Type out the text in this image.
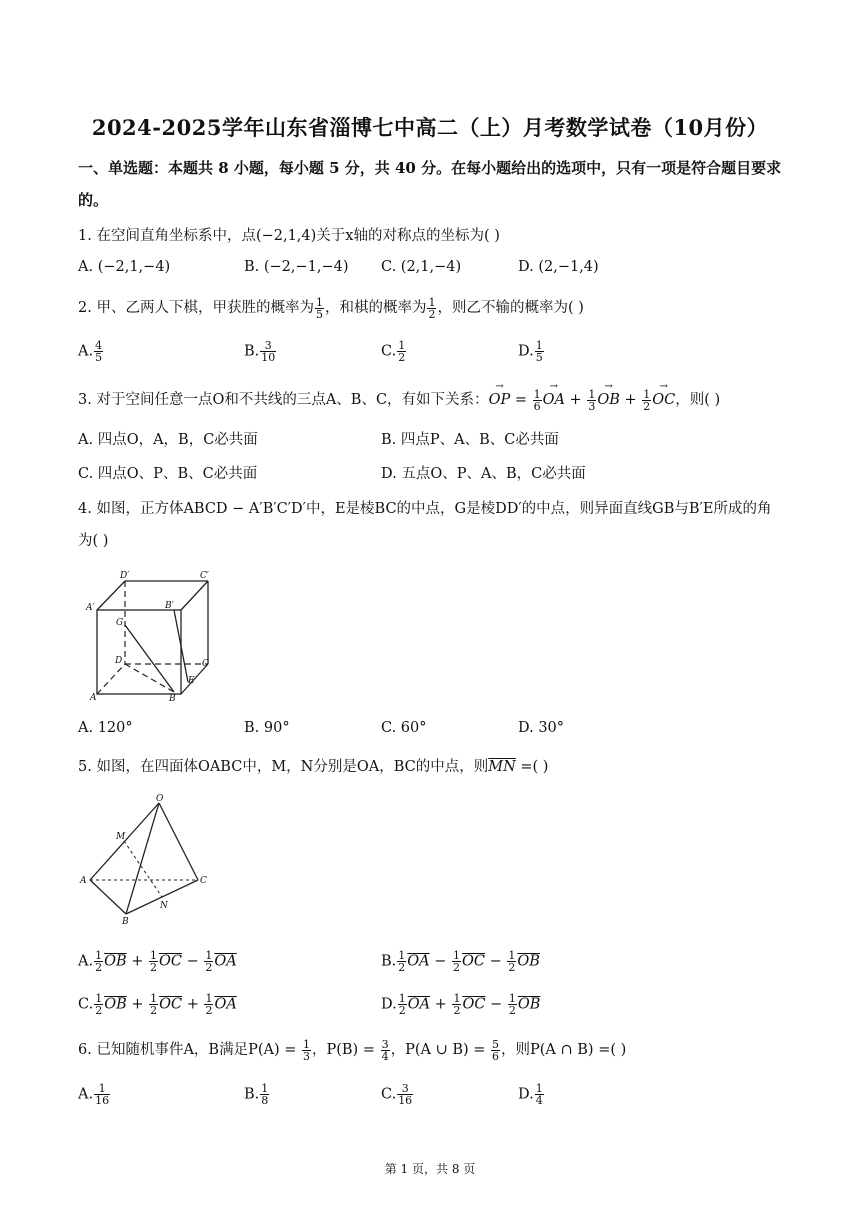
2024-2025学年山东省淄博七中高二（上）月考数学试卷（10月份）
一、单选题：本题共 8 小题，每小题 5 分，共 40 分。在每小题给出的选项中，只有一项是符合题目要求
的。
1. 在空间直角坐标系中，点(−2,1,4)关于x轴的对称点的坐标为( )
A. (−2,1,−4)	B. (−2,−1,−4) C. (2,1,−4)	D. (2,−1,4)
2. 甲、乙两人下棋，甲获胜的概率为 $\frac{1}{5}$ ，和棋的概率为 $\frac{1}{2}$ ，则乙不输的概率为( )
A. $\frac{4}{5}$	B. $\frac{3}{10}$	C. $\frac{1}{2}$	D. $\frac{1}{5}$
3. 对于空间任意一点O和不共线的三点A、B、C，有如下关系：→ OP = $\frac{1}{6}$ → OA + $\frac{1}{3}$ → OB + $\frac{1}{2}$ → OC，则( )
A. 四点O，A，B，C必共面	B. 四点P、A、B、C必共面
C. 四点O、P、B、C必共面	D. 五点O、P、A、B，C必共面
4. 如图，正方体ABCD − A′B′C′D′中，E是棱BC的中点，G是棱DD′的中点，则异面直线GB与B′E所成的角
为( )
D′	C′
A′	B′
G
D	C
E
A	B
A. 120°	B. 90°	C. 60°	D. 30°
5. 如图，在四面体OABC中，M，N分别是OA，BC的中点，则$\overline{MN}$ =( )
O
M
A	C
B
N
A. $\frac{1}{2} \overline{OB} + \frac{1}{2} \overline{OC} - \frac{1}{2} \overline{OA}$	B. $\frac{1}{2} \overline{OA} - \frac{1}{2} \overline{OC} - \frac{1}{2} \overline{OB}$
C. $\frac{1}{2} \overline{OB} + \frac{1}{2} \overline{OC} + \frac{1}{2} \overline{OA}$	D. $\frac{1}{2} \overline{OA} + \frac{1}{2} \overline{OC} - \frac{1}{2} \overline{OB}$
6. 已知随机事件A，B满足$P(A) = \frac{1}{3}$ ，$P(B) = \frac{3}{4}$ ，P(A ∪ $B) = \frac{5}{6}$ ，则P(A ∩ B) =( )
A. $\frac{1}{16}$	B. $\frac{1}{8}$	C. $\frac{3}{16}$	D. $\frac{1}{4}$
第 1 页，共 8 页
